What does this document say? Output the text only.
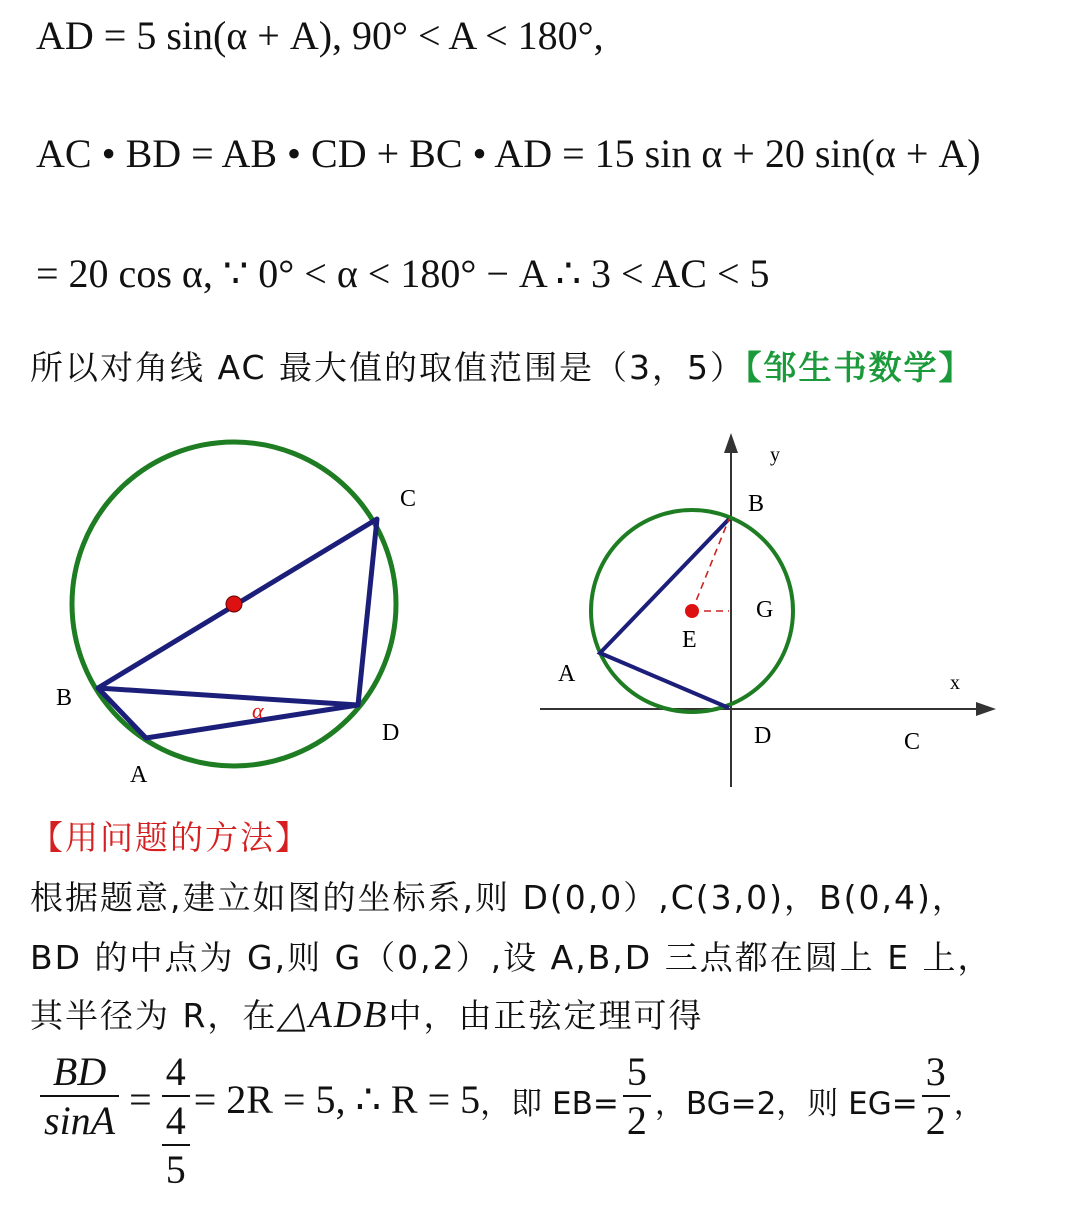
AD = 5 sin(α + A), 90° < A < 180°,
AC • BD = AB • CD + BC • AD = 15 sin α + 20 sin(α + A)
= 20 cos α, ∵ 0° < α < 180° − A ∴ 3 < AC < 5
所以对角线 AC 最大值的取值范围是（3，5）【邹生书数学】
B
C
D
A
α
y
x
B
G
E
A
D	C
【用问题的方法】
根据题意,建立如图的坐标系,则 D(0,0）,C(3,0)，B(0,4)，
BD 的中点为 G,则 G（0,2）,设 A,B,D 三点都在圆上 E 上，
其半径为 R，在△ADB中，由正弦定理可得
$\frac{BD}{\sin A} = \frac{4}{\frac{4}{5}} = 2R = 5$, ∴ R = 5 ，即 $EB= \frac{5}{2}$ ，BG=2，则 $EG= \frac{3}{2}$ ，
